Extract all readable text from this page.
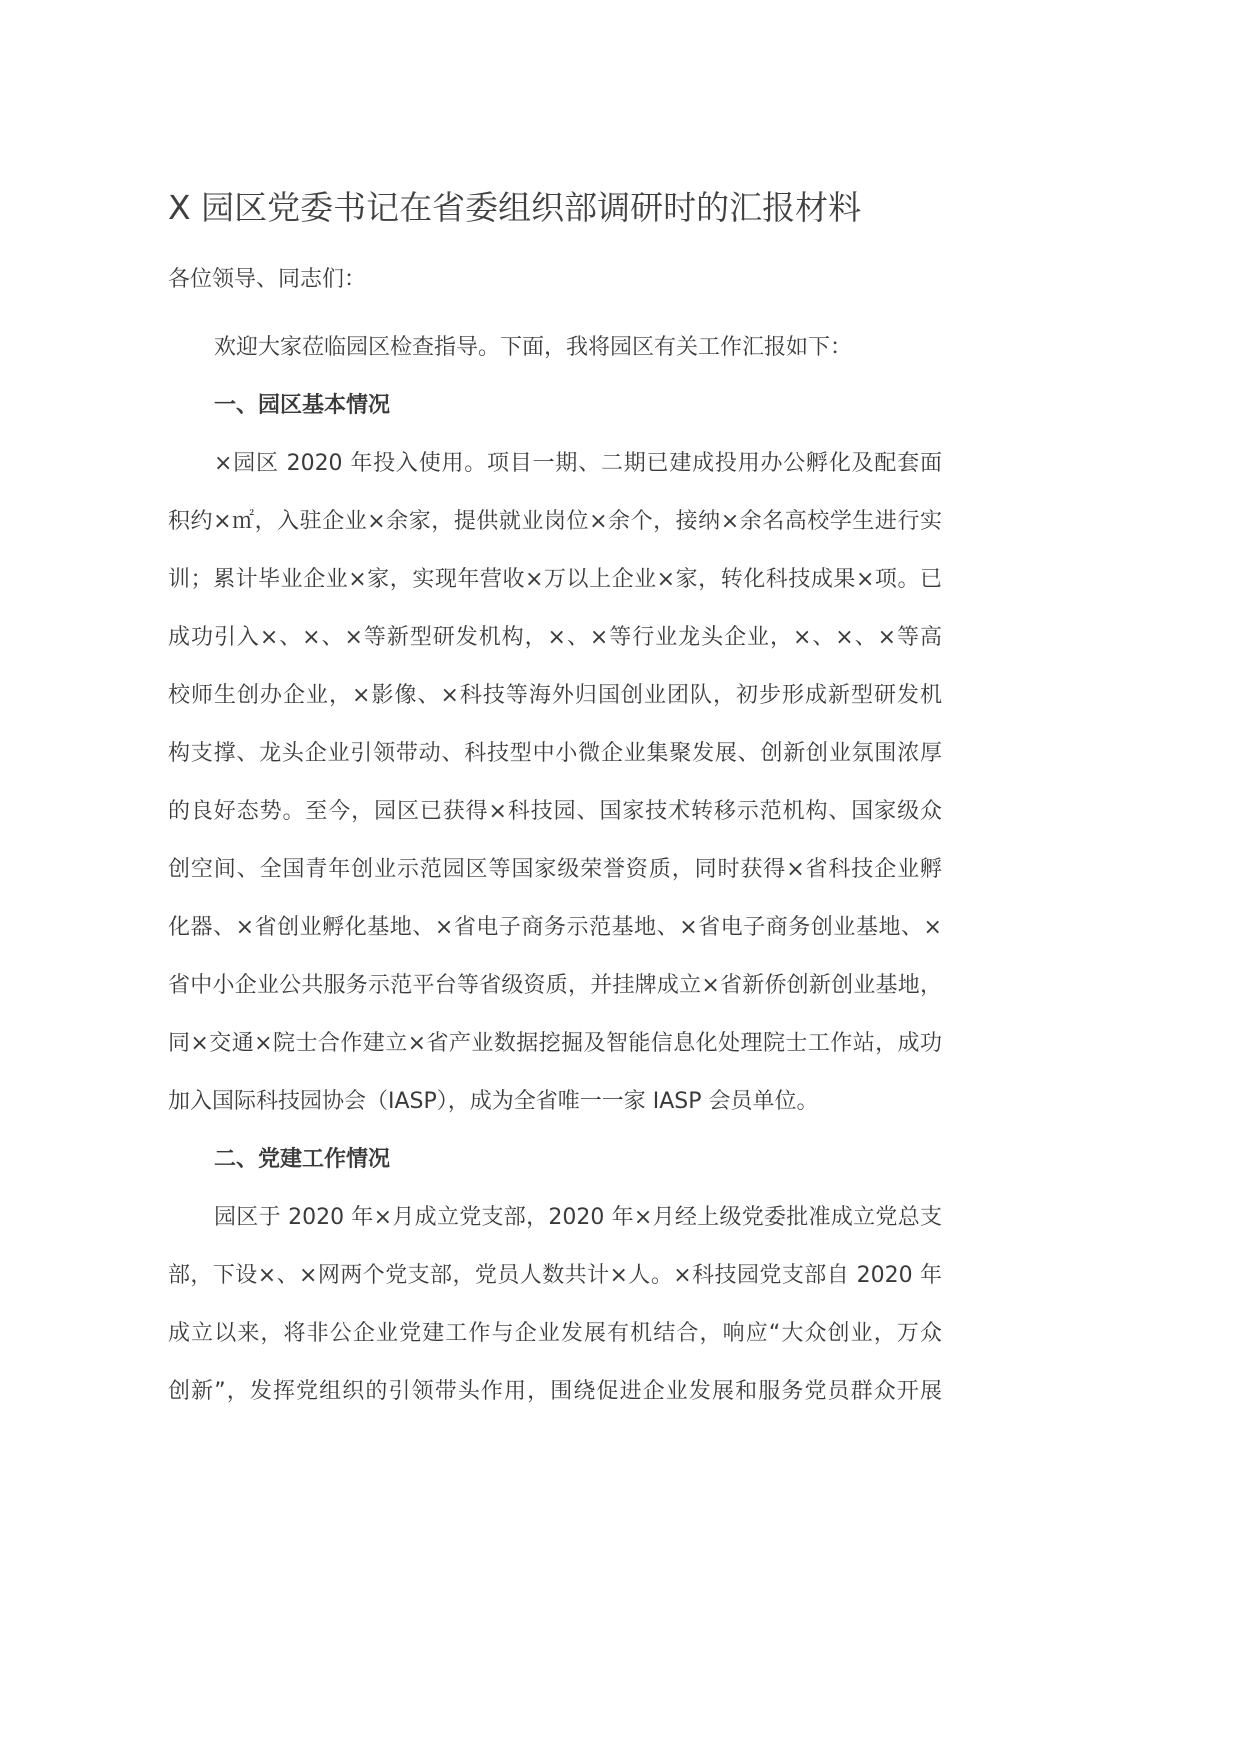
X 园区党委书记在省委组织部调研时的汇报材料
各位领导、同志们：
欢迎大家莅临园区检查指导。下面，我将园区有关工作汇报如下：
一、园区基本情况
×园区 2020 年投入使用。项目一期、二期已建成投用办公孵化及配套面
积约×㎡，入驻企业×余家，提供就业岗位×余个，接纳×余名高校学生进行实
训；累计毕业企业×家，实现年营收×万以上企业×家，转化科技成果×项。已
成功引入×、×、×等新型研发机构，×、×等行业龙头企业，×、×、×等高
校师生创办企业，×影像、×科技等海外归国创业团队，初步形成新型研发机
构支撑、龙头企业引领带动、科技型中小微企业集聚发展、创新创业氛围浓厚
的良好态势。至今，园区已获得×科技园、国家技术转移示范机构、国家级众
创空间、全国青年创业示范园区等国家级荣誉资质，同时获得×省科技企业孵
化器、×省创业孵化基地、×省电子商务示范基地、×省电子商务创业基地、×
省中小企业公共服务示范平台等省级资质，并挂牌成立×省新侨创新创业基地，
同×交通×院士合作建立×省产业数据挖掘及智能信息化处理院士工作站，成功
加入国际科技园协会（IASP），成为全省唯一一家 IASP 会员单位。
二、党建工作情况
园区于 2020 年×月成立党支部，2020 年×月经上级党委批准成立党总支
部，下设×、×网两个党支部，党员人数共计×人。×科技园党支部自 2020 年
成立以来，将非公企业党建工作与企业发展有机结合，响应“大众创业，万众
创新”，发挥党组织的引领带头作用，围绕促进企业发展和服务党员群众开展
